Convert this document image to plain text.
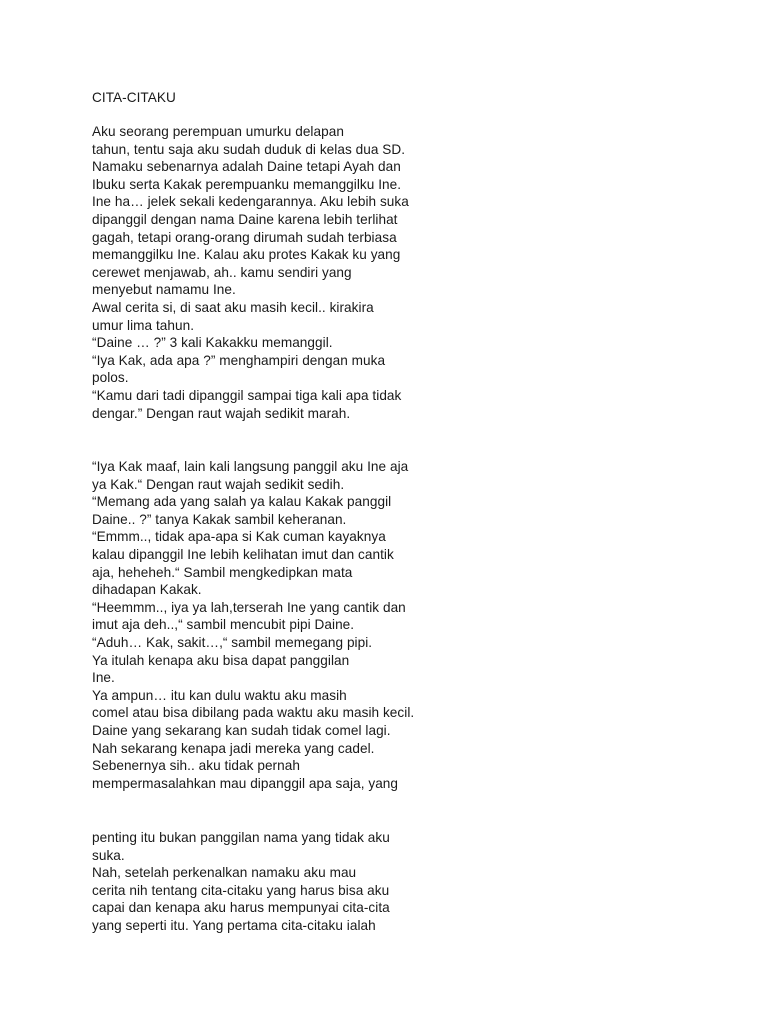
CITA-CITAKU
Aku seorang perempuan umurku delapan
tahun, tentu saja aku sudah duduk di kelas dua SD.
Namaku sebenarnya adalah Daine tetapi Ayah dan
Ibuku serta Kakak perempuanku memanggilku Ine.
Ine ha… jelek sekali kedengarannya. Aku lebih suka
dipanggil dengan nama Daine karena lebih terlihat
gagah, tetapi orang-orang dirumah sudah terbiasa
memanggilku Ine. Kalau aku protes Kakak ku yang
cerewet menjawab, ah.. kamu sendiri yang
menyebut namamu Ine.
Awal cerita si, di saat aku masih kecil.. kirakira
umur lima tahun.
“Daine … ?” 3 kali Kakakku memanggil.
“Iya Kak, ada apa ?” menghampiri dengan muka
polos.
“Kamu dari tadi dipanggil sampai tiga kali apa tidak
dengar.” Dengan raut wajah sedikit marah.
“Iya Kak maaf, lain kali langsung panggil aku Ine aja
ya Kak.“ Dengan raut wajah sedikit sedih.
“Memang ada yang salah ya kalau Kakak panggil
Daine.. ?” tanya Kakak sambil keheranan.
“Emmm.., tidak apa-apa si Kak cuman kayaknya
kalau dipanggil Ine lebih kelihatan imut dan cantik
aja, heheheh.“ Sambil mengkedipkan mata
dihadapan Kakak.
“Heemmm.., iya ya lah,terserah Ine yang cantik dan
imut aja deh..,“ sambil mencubit pipi Daine.
“Aduh… Kak, sakit…,“ sambil memegang pipi.
Ya itulah kenapa aku bisa dapat panggilan
Ine.
Ya ampun… itu kan dulu waktu aku masih
comel atau bisa dibilang pada waktu aku masih kecil.
Daine yang sekarang kan sudah tidak comel lagi.
Nah sekarang kenapa jadi mereka yang cadel.
Sebenernya sih.. aku tidak pernah
mempermasalahkan mau dipanggil apa saja, yang
penting itu bukan panggilan nama yang tidak aku
suka.
Nah, setelah perkenalkan namaku aku mau
cerita nih tentang cita-citaku yang harus bisa aku
capai dan kenapa aku harus mempunyai cita-cita
yang seperti itu. Yang pertama cita-citaku ialah
